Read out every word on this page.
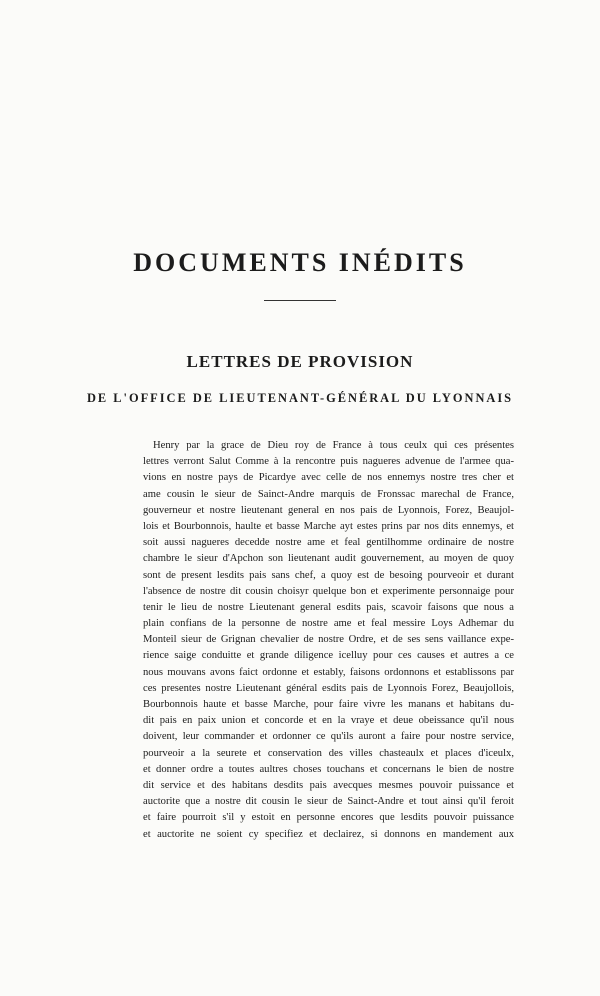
DOCUMENTS INÉDITS
LETTRES DE PROVISION
DE L'OFFICE DE LIEUTENANT-GÉNÉRAL DU LYONNAIS
Henry par la grace de Dieu roy de France à tous ceulx qui ces présentes
lettres verront Salut Comme à la rencontre puis nagueres advenue de l'armee qua-
vions en nostre pays de Picardye avec celle de nos ennemys nostre tres cher et
ame cousin le sieur de Sainct-Andre marquis de Fronssac marechal de France,
gouverneur et nostre lieutenant general en nos pais de Lyonnois, Forez, Beaujol-
lois et Bourbonnois, haulte et basse Marche ayt estes prins par nos dits ennemys, et
soit aussi nagueres decedde nostre ame et feal gentilhomme ordinaire de nostre
chambre le sieur d'Apchon son lieutenant audit gouvernement, au moyen de quoy
sont de present lesdits pais sans chef, a quoy est de besoing pourveoir et durant
l'absence de nostre dit cousin choisyr quelque bon et experimente personnaige pour
tenir le lieu de nostre Lieutenant general esdits pais, scavoir faisons que nous a
plain confians de la personne de nostre ame et feal messire Loys Adhemar du
Monteil sieur de Grignan chevalier de nostre Ordre, et de ses sens vaillance expe-
rience saige conduitte et grande diligence icelluy pour ces causes et autres a ce
nous mouvans avons faict ordonne et estably, faisons ordonnons et establissons par
ces presentes nostre Lieutenant général esdits pais de Lyonnois Forez, Beaujollois,
Bourbonnois haute et basse Marche, pour faire vivre les manans et habitans du-
dit pais en paix union et concorde et en la vraye et deue obeissance qu'il nous
doivent, leur commander et ordonner ce qu'ils auront a faire pour nostre service,
pourveoir a la seurete et conservation des villes chasteaulx et places d'iceulx,
et donner ordre a toutes aultres choses touchans et concernans le bien de nostre
dit service et des habitans desdits pais avecques mesmes pouvoir puissance et
auctorite que a nostre dit cousin le sieur de Sainct-Andre et tout ainsi qu'il feroit
et faire pourroit s'il y estoit en personne encores que lesdits pouvoir puissance
et auctorite ne soient cy specifiez et declairez, si donnons en mandement aux
